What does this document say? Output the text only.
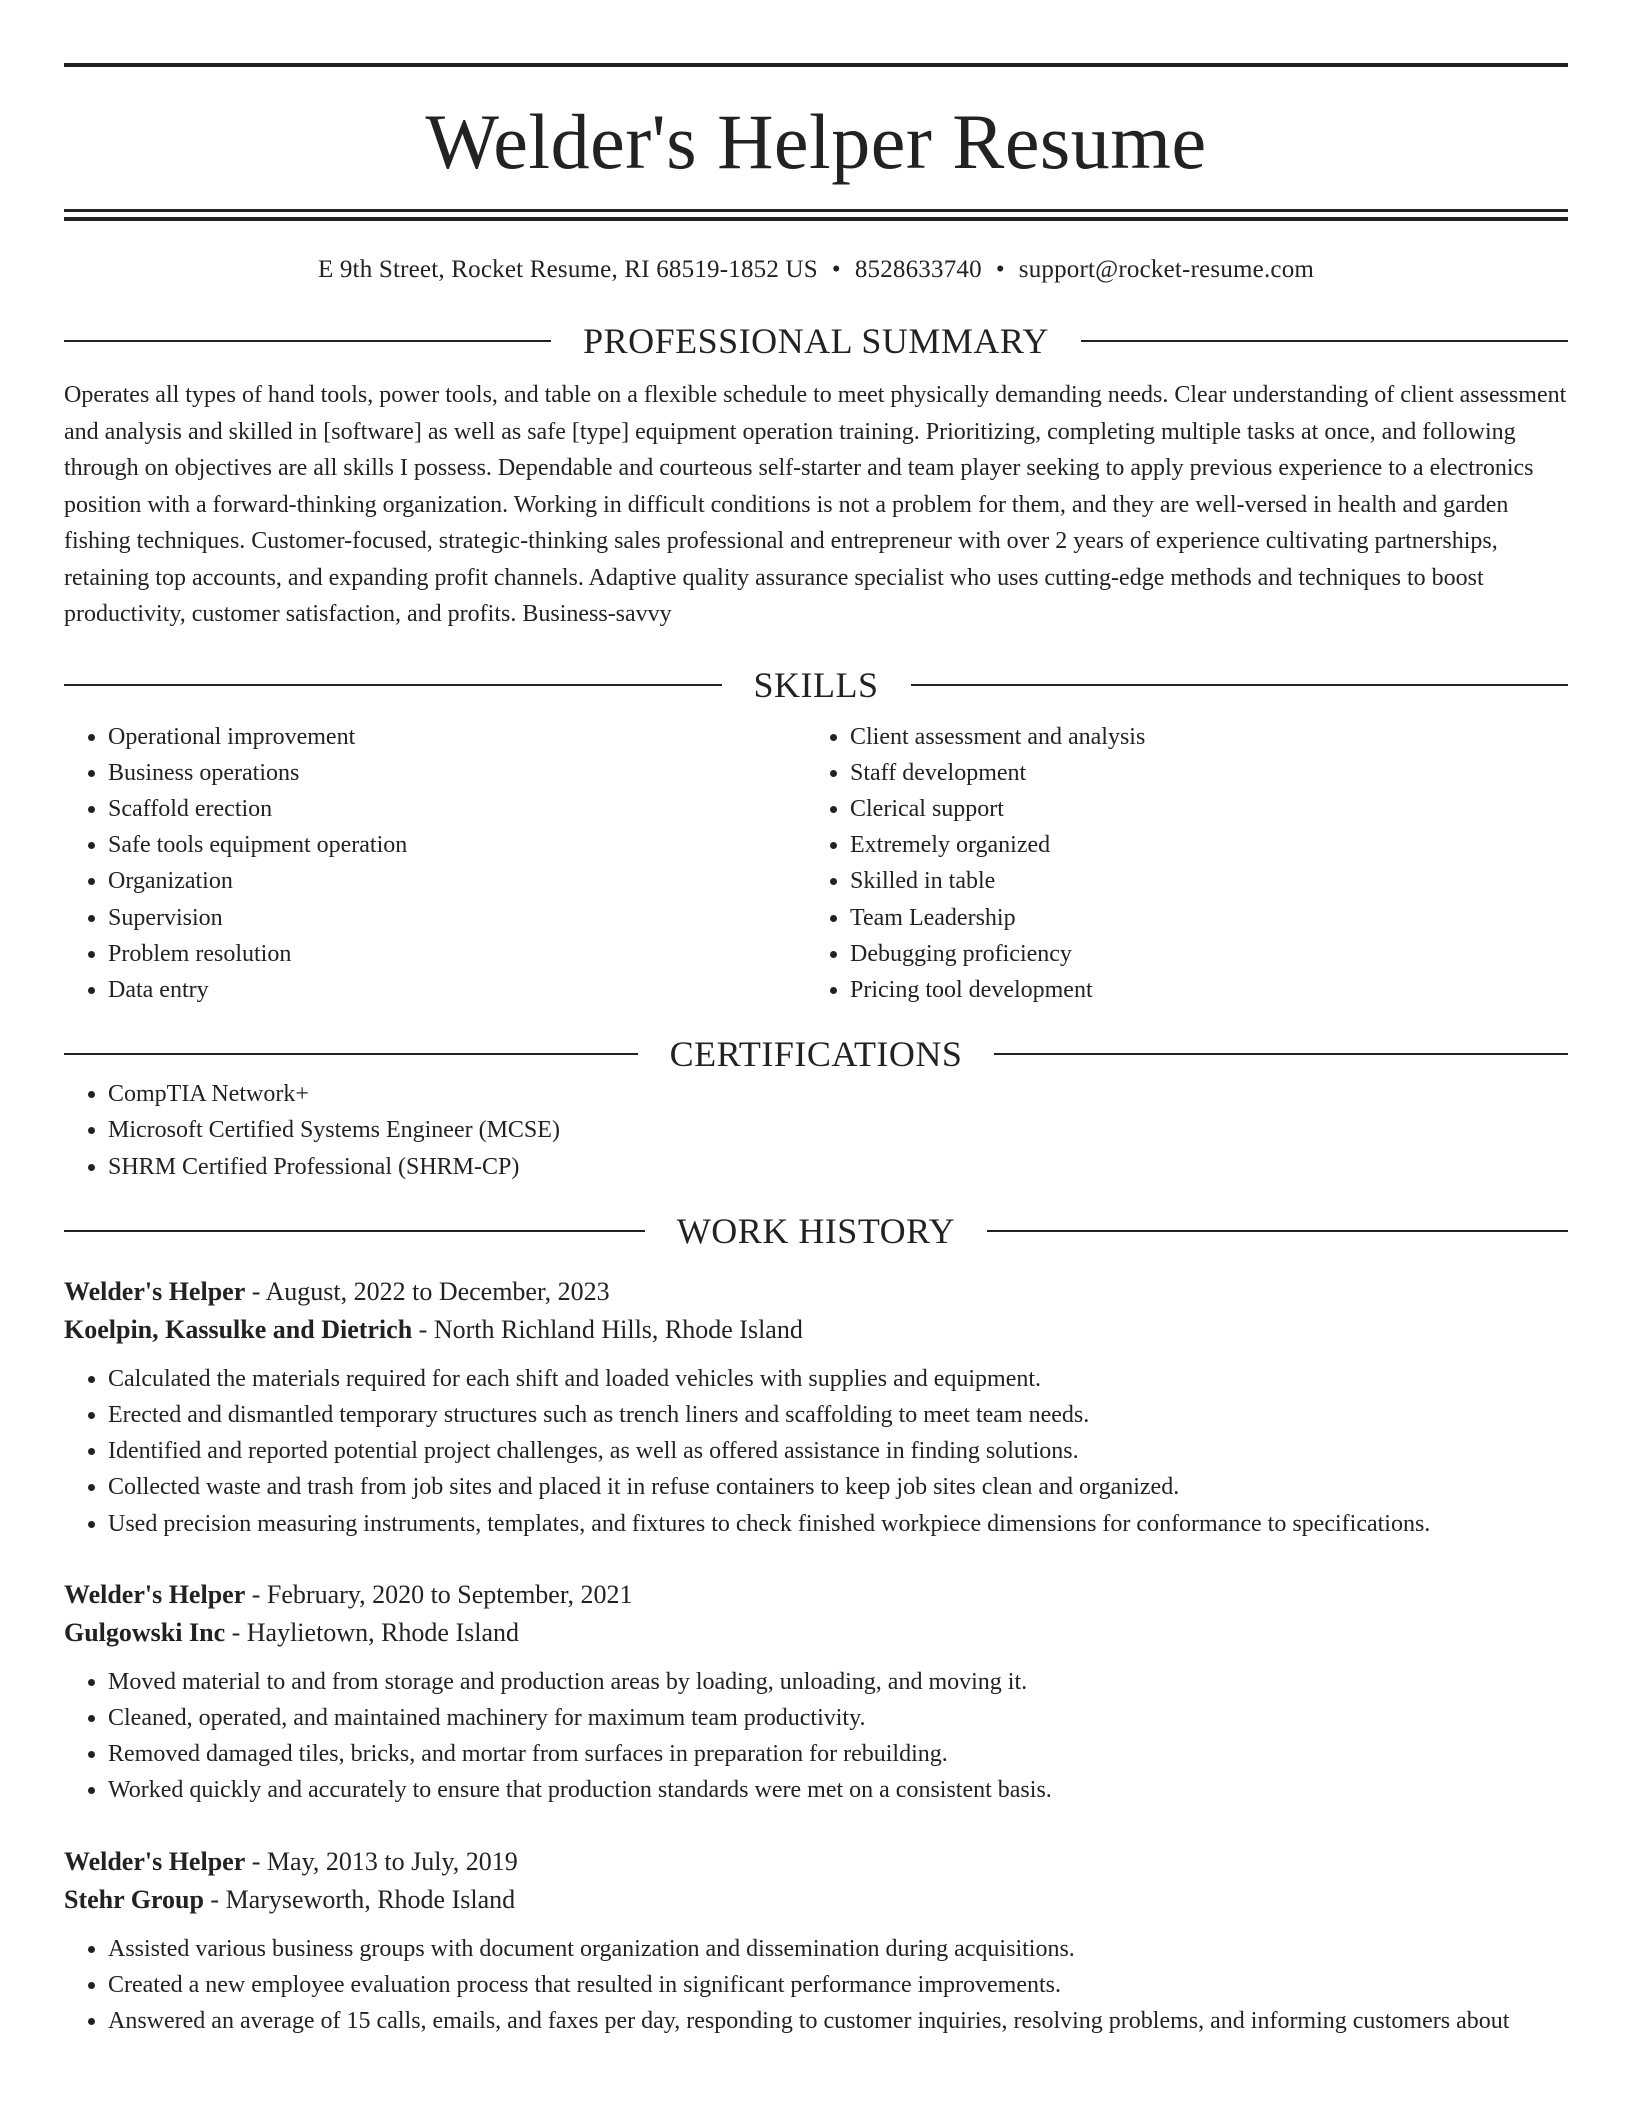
Welder's Helper Resume
E 9th Street, Rocket Resume, RI 68519-1852 US • 8528633740 • support@rocket-resume.com
PROFESSIONAL SUMMARY

Operates all types of hand tools, power tools, and table on a flexible schedule to meet physically demanding needs. Clear understanding of client assessment and analysis and skilled in [software] as well as safe [type] equipment operation training. Prioritizing, completing multiple tasks at once, and following through on objectives are all skills I possess. Dependable and courteous self-starter and team player seeking to apply previous experience to a electronics position with a forward-thinking organization. Working in difficult conditions is not a problem for them, and they are well-versed in health and garden fishing techniques. Customer-focused, strategic-thinking sales professional and entrepreneur with over 2 years of experience cultivating partnerships, retaining top accounts, and expanding profit channels. Adaptive quality assurance specialist who uses cutting-edge methods and techniques to boost productivity, customer satisfaction, and profits. Business-savvy

SKILLS
• Operational improvement
• Business operations
• Scaffold erection
• Safe tools equipment operation
• Organization
• Supervision
• Problem resolution
• Data entry
• Client assessment and analysis
• Staff development
• Clerical support
• Extremely organized
• Skilled in table
• Team Leadership
• Debugging proficiency
• Pricing tool development
CERTIFICATIONS
• CompTIA Network+
• Microsoft Certified Systems Engineer (MCSE)
• SHRM Certified Professional (SHRM-CP)
WORK HISTORY

Welder's Helper - August, 2022 to December, 2023

Koelpin, Kassulke and Dietrich - North Richland Hills, Rhode Island

• Calculated the materials required for each shift and loaded vehicles with supplies and equipment.
• Erected and dismantled temporary structures such as trench liners and scaffolding to meet team needs.
• Identified and reported potential project challenges, as well as offered assistance in finding solutions.
• Collected waste and trash from job sites and placed it in refuse containers to keep job sites clean and organized.
• Used precision measuring instruments, templates, and fixtures to check finished workpiece dimensions for conformance to specifications.

Welder's Helper - February, 2020 to September, 2021

Gulgowski Inc - Haylietown, Rhode Island

• Moved material to and from storage and production areas by loading, unloading, and moving it.
• Cleaned, operated, and maintained machinery for maximum team productivity.
• Removed damaged tiles, bricks, and mortar from surfaces in preparation for rebuilding.
• Worked quickly and accurately to ensure that production standards were met on a consistent basis.

Welder's Helper - May, 2013 to July, 2019

Stehr Group - Maryseworth, Rhode Island

• Assisted various business groups with document organization and dissemination during acquisitions.
• Created a new employee evaluation process that resulted in significant performance improvements.
• Answered an average of 15 calls, emails, and faxes per day, responding to customer inquiries, resolving problems, and informing customers about
